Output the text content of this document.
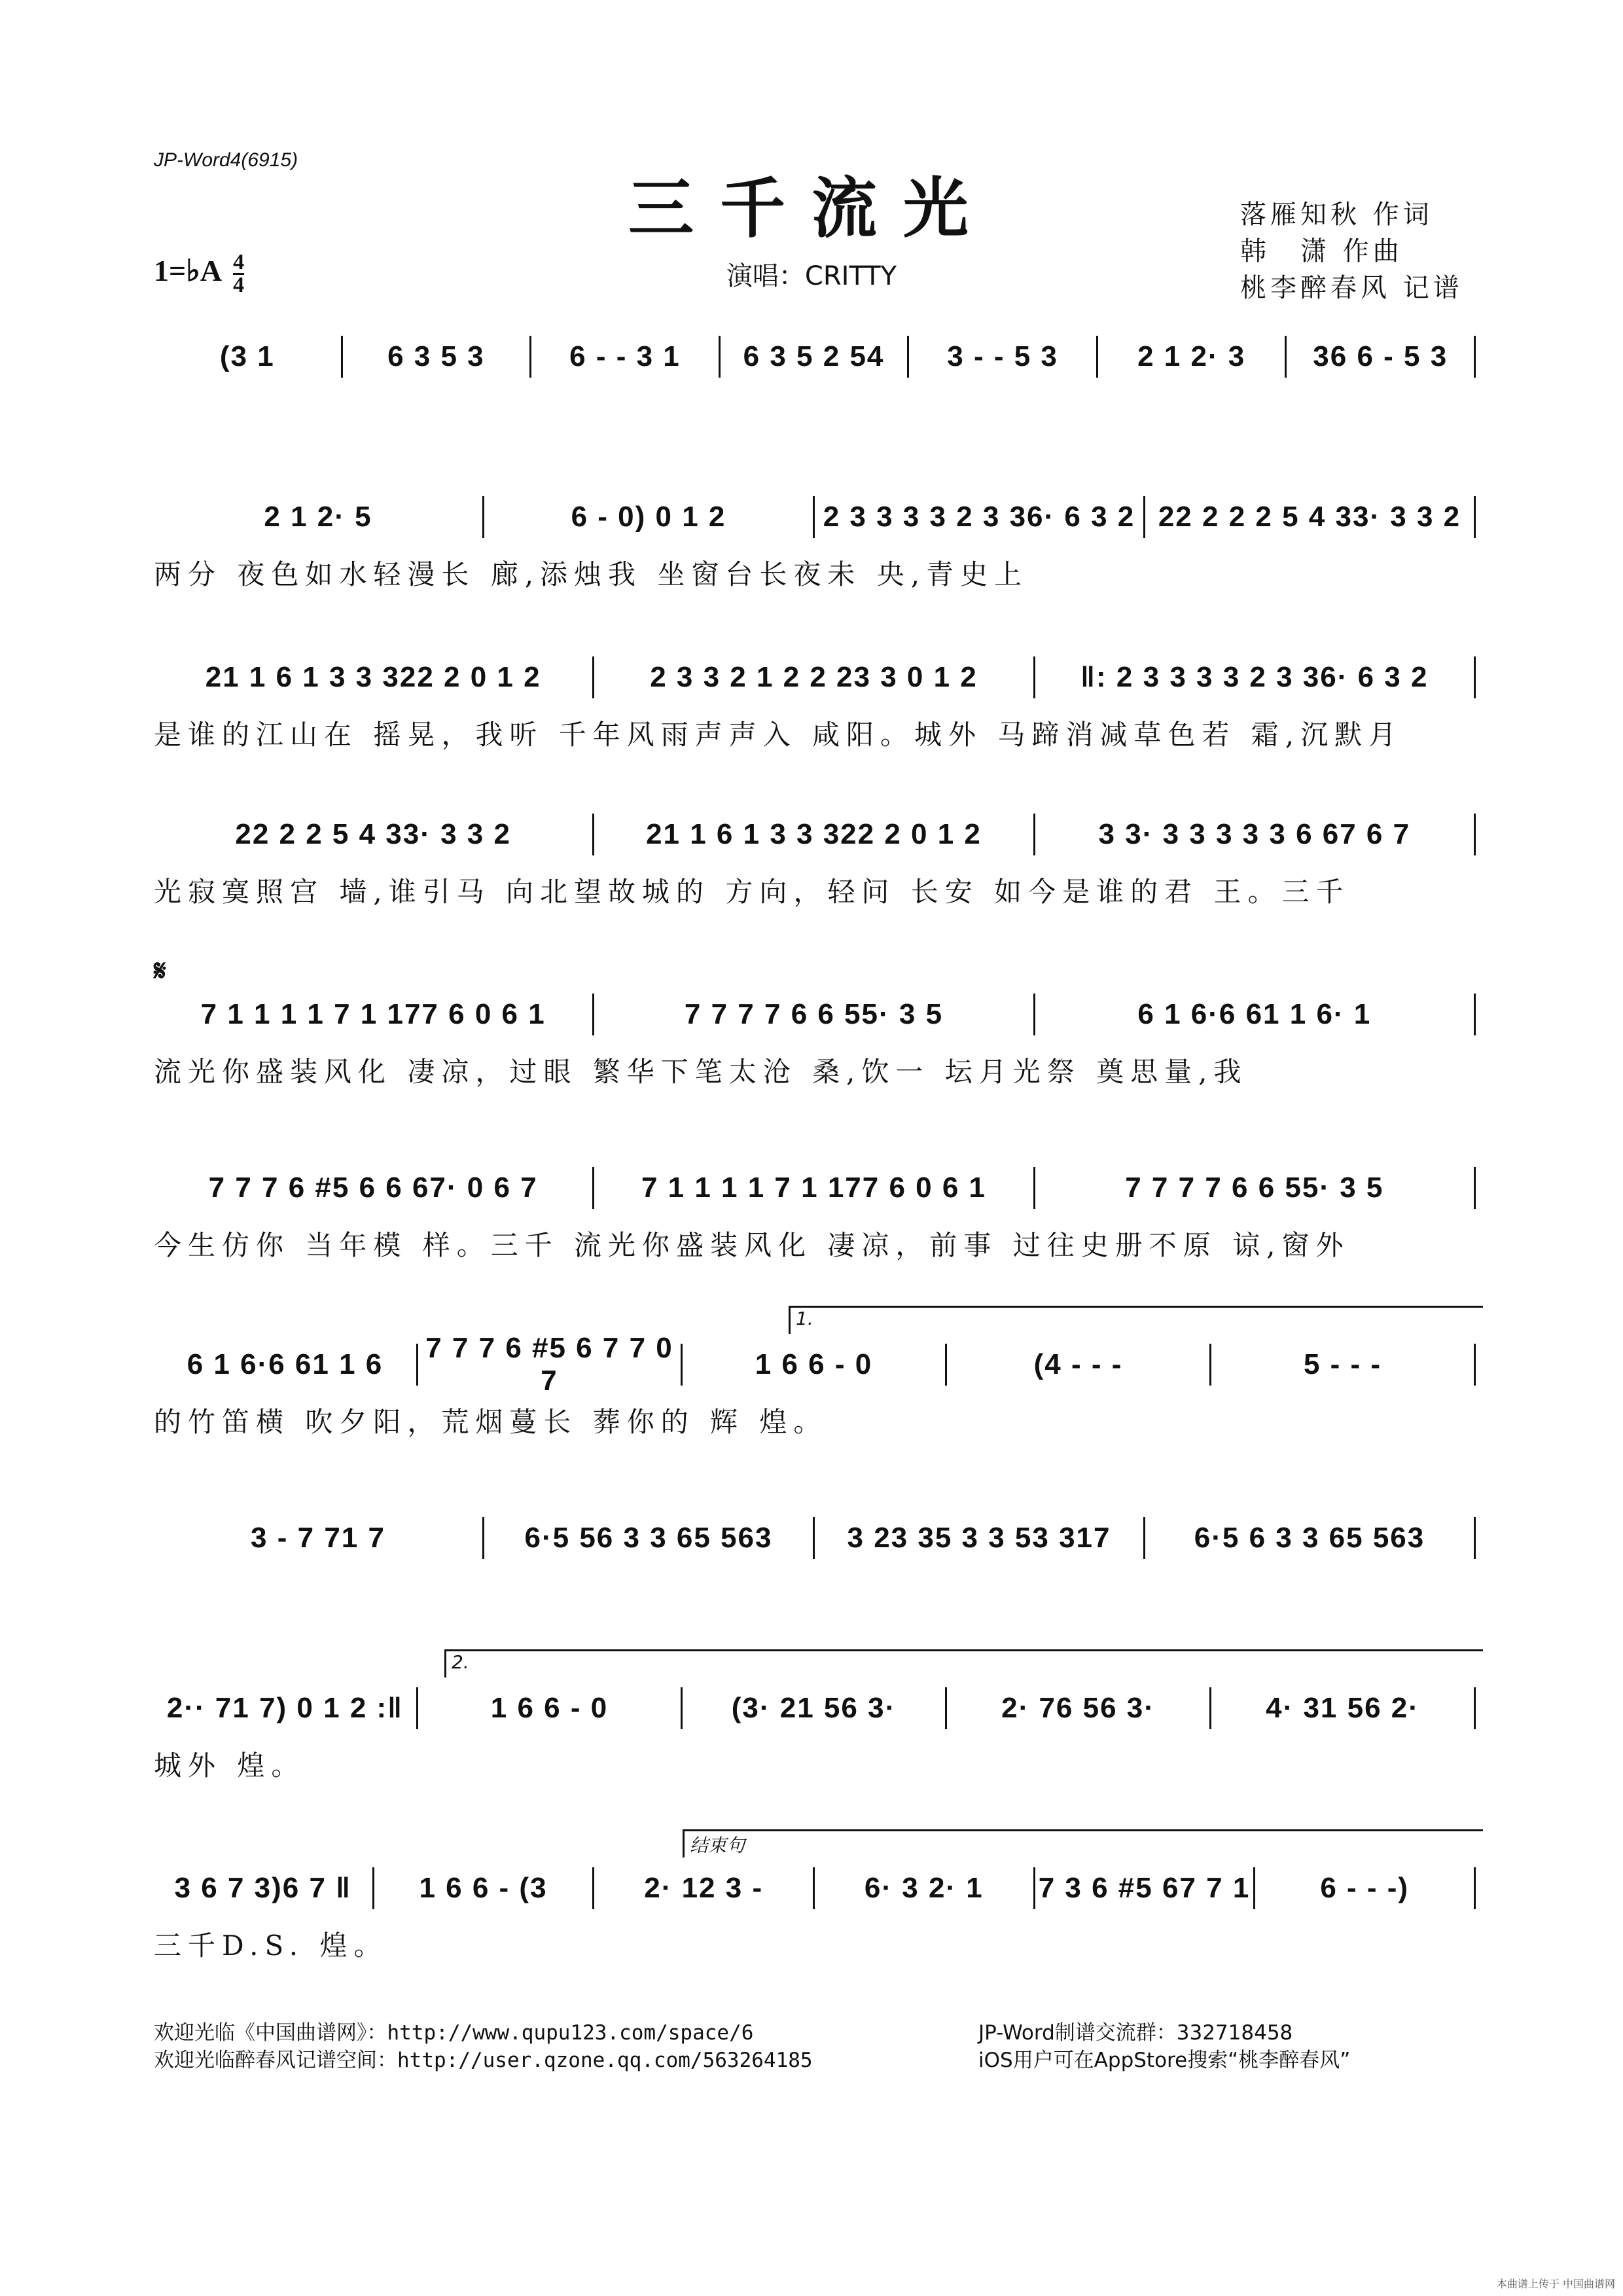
JP-Word4(6915)
三千流光
演唱：CRITTY
落雁知秋 作词
韩　潇 作曲
桃李醉春风 记谱
1=♭A $\frac{4}{4}$
(3 1	6 3 5 3	6 - - 3 1	6 3 5 2 54	3 - - 5 3	2 1 2· 3	36 6 - 5 3
2 1 2· 5	6 - 0) 0 1 2	2 3 3 3 3 2 3 36· 6 3 2 22 2 2 2 5 4 33· 3 3 2
两分 夜色如水轻漫长 廊,添烛我 坐窗台长夜未 央,青史上
21 1 6 1 3 3 322 2 0 1 2	2 3 3 2 1 2 2 23 3 0 1 2	‖: 2 3 3 3 3 2 3 36· 6 3 2
是谁的江山在 摇晃，我听 千年风雨声声入 咸阳。城外 马蹄消减草色若 霜,沉默月
22 2 2 5 4 33· 3 3 2	21 1 6 1 3 3 322 2 0 1 2	3 3· 3 3 3 3 3 6 67 6 7
光寂寞照宫 墙,谁引马 向北望故城的 方向，轻问 长安 如今是谁的君 王。三千
𝄋
7 1 1 1 1 7 1 177 6 0 6 1	7 7 7 7 6 6 55· 3 5	6 1 6·6 61 1 6· 1
流光你盛装风化 凄凉，过眼 繁华下笔太沧 桑,饮一 坛月光祭 奠思量,我
7 7 7 6 #5 6 6 67· 0 6 7	7 1 1 1 1 7 1 177 6 0 6 1	7 7 7 7 6 6 55· 3 5
今生仿你 当年模 样。三千 流光你盛装风化 凄凉，前事 过往史册不原 谅,窗外
1.
6 1 6·6 61 1 6
7 7 7 6 #5 6 7 7 0 7
1 6 6 - 0	(4 - - -	5 - - -
的竹笛横 吹夕阳，荒烟蔓长 葬你的 辉 煌。
3 - 7 71 7	6·5 56 3 3 65 563	3 23 35 3 3 53 317	6·5 6 3 3 65 563
2.
2·· 71 7) 0 1 2 :‖	1 6 6 - 0	(3· 21 56 3·	2· 76 56 3·	4· 31 56 2·
城外 煌。
结束句
3 6 7 3)6 7 ‖	1 6 6 - (3	2· 12 3 -	6· 3 2· 1	7 3 6 #5 67 7 1	6 - - -)
三千D.S. 煌。
欢迎光临《中国曲谱网》：http://www.qupu123.com/space/6
欢迎光临醉春风记谱空间：http://user.qzone.qq.com/563264185
JP-Word制谱交流群：332718458
iOS用户可在AppStore搜索“桃李醉春风”
本曲谱上传于 中国曲谱网
